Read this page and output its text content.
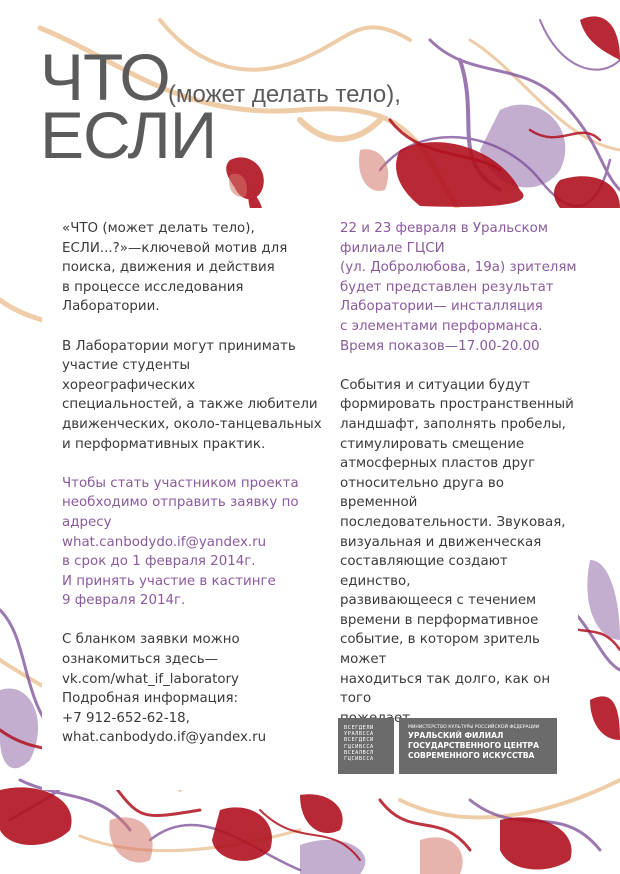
ЧТО
(может делать тело),
ЕСЛИ

«ЧТО (может делать тело),

ЕСЛИ...?»—ключевой мотив для

поиска, движения и действия

в процессе исследования

Лаборатории.

В Лаборатории могут принимать

участие студенты

хореографических

специальностей, а также любители

движенческих, около-танцевальных

и перформативных практик.

Чтобы стать участником проекта

необходимо отправить заявку по

адресу

what.canbodydo.if@yandex.ru

в срок до 1 февраля 2014г.

И принять участие в кастинге

9 февраля 2014г.

С бланком заявки можно

ознакомиться здесь—

vk.com/what_if_laboratory

Подробная информация:

+7 912-652-62-18,

what.canbodydo.if@yandex.ru

22 и 23 февраля в Уральском

филиале ГЦСИ

(ул. Добролюбова, 19а) зрителям

будет представлен результат

Лаборатории— инсталляция

с элементами перформанса.

Время показов—17.00-20.00

События и ситуации будут

формировать пространственный

ландшафт, заполнять пробелы,

стимулировать смещение

атмосферных пластов друг

относительно друга во временной

последовательности. Звуковая,

визуальная и движенческая

составляющие создают единство,

развивающееся с течением

времени в перформативное

событие, в котором зритель может

находиться так долго, как он того

ВСЕГДЕЛИ
УРАЛВССА
ВСЕГДЕСИ
ГЦСИВССА
ВСЕАЛВСЛ
ГЦСИВССА
МИНИСТЕРСТВО КУЛЬТУРЫ РОССИЙСКОЙ ФЕДЕРАЦИИ
УРАЛЬСКИЙ ФИЛИАЛ
ГОСУДАРСТВЕННОГО ЦЕНТРА
СОВРЕМЕННОГО ИСКУССТВА
